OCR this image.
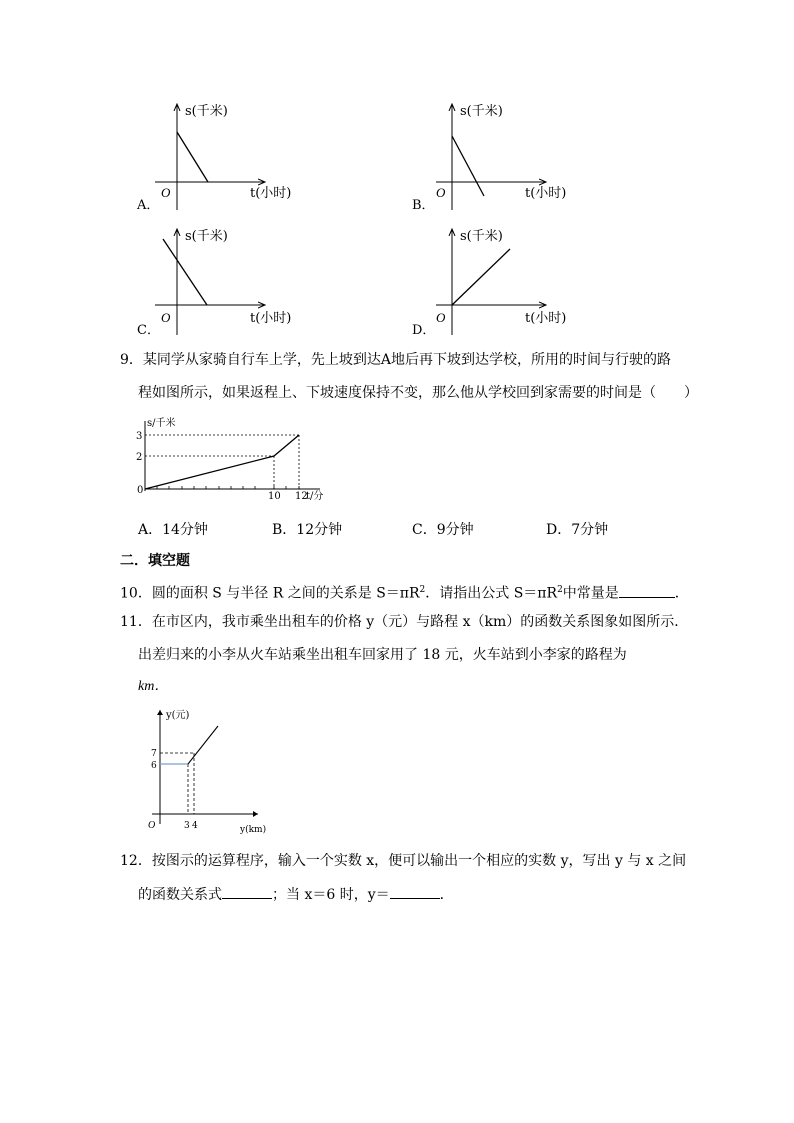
s(千米)
O	t(小时)
A．
s(千米)
O	t(小时)
B．
s(千米)
O	t(小时)
C．
s(千米)
O	t(小时)
D．
9．某同学从家骑自行车上学，先上坡到达A地后再下坡到达学校，所用的时间与行驶的路
程如图所示，如果返程上、下坡速度保持不变，那么他从学校回到家需要的时间是（　　）
s/千米
3
2
0
10 12
t/分
A．14分钟	B．12分钟	C．9分钟	D．7分钟
二．填空题
10．圆的面积 S 与半径 R 之间的关系是 $S=\pi R^2$．请指出公式 $S=\pi R^2$中常量是	．
11．在市区内，我市乘坐出租车的价格 y（元）与路程 x（km）的函数关系图象如图所示．
出差归来的小李从火车站乘坐出租车回家用了 18 元，火车站到小李家的路程为
km．
y(元)
7
6
O	3 4	y(km)
12．按图示的运算程序，输入一个实数 x，便可以输出一个相应的实数 y，写出 y 与 x 之间
的函数关系式	；当 x＝6 时，y＝	．
